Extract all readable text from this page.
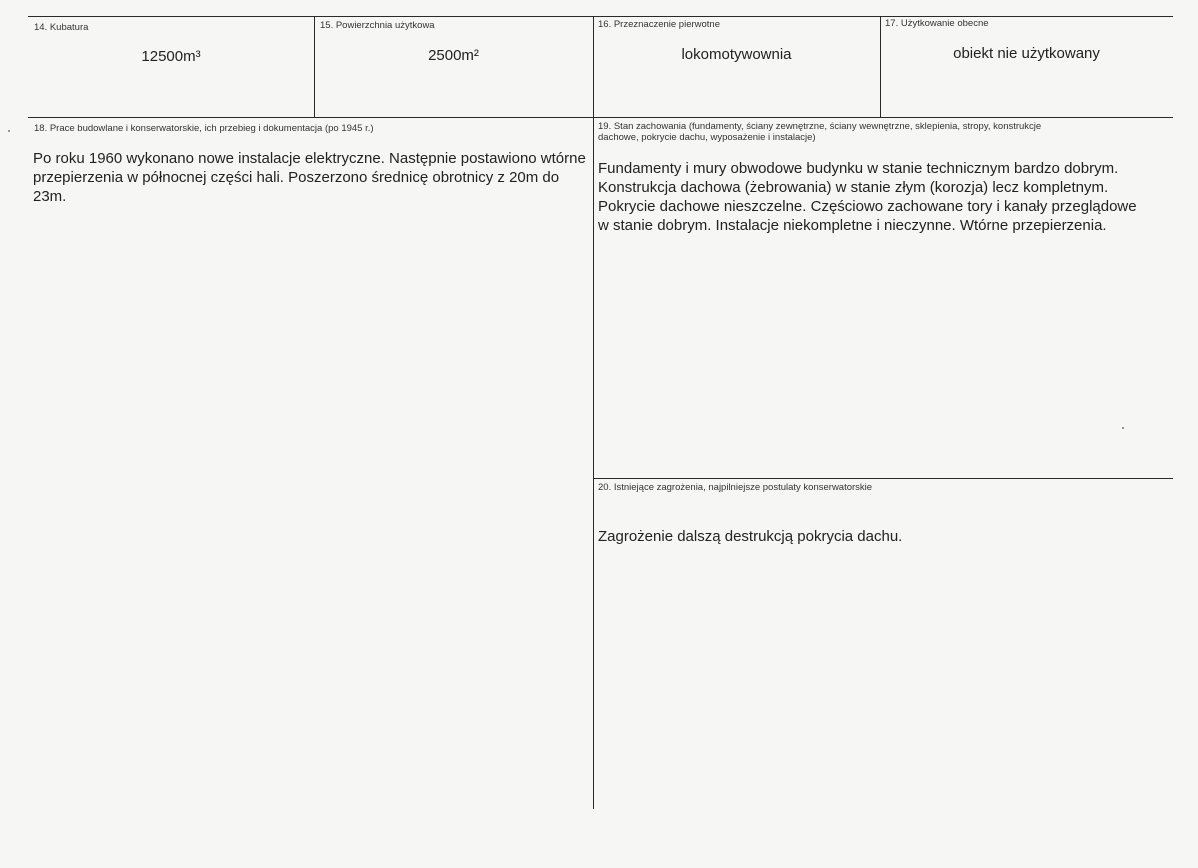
14. Kubatura
12500m³
15. Powierzchnia użytkowa
2500m²
16. Przeznaczenie pierwotne
lokomotywownia
17. Użytkowanie obecne
obiekt nie użytkowany
18. Prace budowlane i konserwatorskie, ich przebieg i dokumentacja (po 1945 r.)
Po roku 1960 wykonano nowe instalacje elektryczne. Następnie postawiono wtórne przepierzenia w północnej części hali. Poszerzono średnicę obrotnicy z 20m do 23m.
19. Stan zachowania (fundamenty, ściany zewnętrzne, ściany wewnętrzne, sklepienia, stropy, konstrukcje dachowe, pokrycie dachu, wyposażenie i instalacje)
Fundamenty i mury obwodowe budynku w stanie technicznym bardzo dobrym. Konstrukcja dachowa (żebrowania) w stanie złym (korozja) lecz kompletnym. Pokrycie dachowe nieszczelne. Częściowo zachowane tory i kanały przeglądowe w stanie dobrym. Instalacje niekompletne i nieczynne. Wtórne przepierzenia.
20. Istniejące zagrożenia, najpilniejsze postulaty konserwatorskie
Zagrożenie dalszą destrukcją pokrycia dachu.
